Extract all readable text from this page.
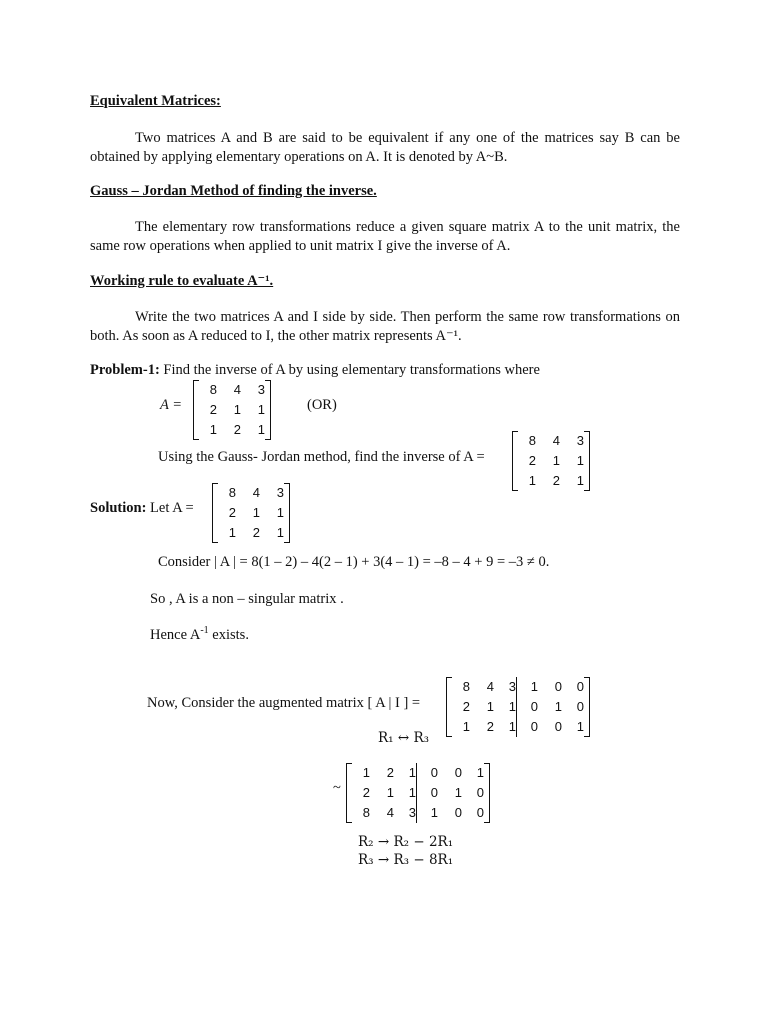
Equivalent Matrices:
Two matrices A and B are said to be equivalent if any one of the matrices say B can be obtained by applying elementary operations on A. It is denoted by A~B.
Gauss – Jordan Method of finding the inverse.
The elementary row transformations reduce a given square matrix A to the unit matrix, the same row operations when applied to unit matrix I give the inverse of A.
Working rule to evaluate A⁻¹.
Write the two matrices A and I side by side. Then perform the same row transformations on both. As soon as A reduced to I, the other matrix represents A⁻¹.
Problem-1: Find the inverse of A by using elementary transformations where
A =
8	4	3
2	1	1
1	2	1
(OR)
Using the Gauss- Jordan method, find the inverse of A =
8	4	3
2	1	1
1	2	1
Solution: Let A =
8	4	3
2	1	1
1	2	1
Consider | A | = 8(1 – 2) – 4(2 – 1) + 3(4 – 1) = –8 – 4 + 9 = –3 ≠ 0.
So , A is a non – singular matrix .
Hence $A^{-1}$ exists.
Now, Consider the augmented matrix [ A | I ] =
8	4	3	1	0	0
2	1	1	0	1	0
1	2	1	0	0	1
R₁ ↔ R₃
~
1	2	1	0	0	1
2	1	1	0	1	0
8	4	3	1	0	0
R₂ → R₂ − 2R₁
R₃ → R₃ − 8R₁
